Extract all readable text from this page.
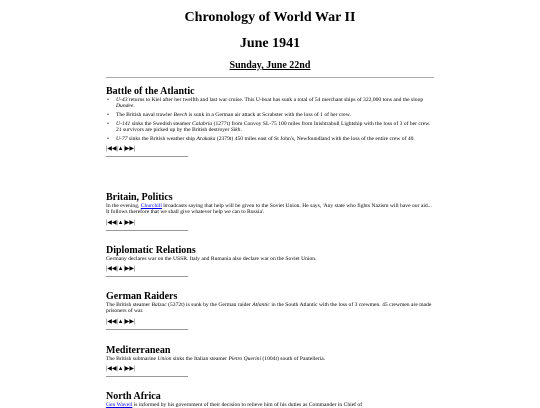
Chronology of World War II
June 1941
Sunday, June 22nd
Battle of the Atlantic
• U-43 returns to Kiel after her twelfth and last war cruise. This U-boat has sunk a total of 54 merchant ships of 322,000 tons and the sloop Dundee.
• The British naval trawler Beech is sunk in a German air attack at Scrabster with the loss of 1 of her crew.
• U-141 sinks the Swedish steamer Calabria (1277t) from Convoy SL-75 100 miles from Inishtrahull Lightship with the loss of 3 of her crew. 21 survivors are picked up by the British destroyer Sikh.
• U-77 sinks the British weather ship Arakaka (2379t) 450 miles east of St John's, Newfoundland with the loss of the entire crew of 40.
|◀◀|▲|▶▶|
Britain, Politics

In the evening, Churchill broadcasts saying that help will be given to the Soviet Union. He says, 'Any state who fights Nazism will have our aid... It follows therefore that we shall give whatever help we can to Russia'.

|◀◀|▲|▶▶|
Diplomatic Relations

Germany declares war on the USSR. Italy and Rumania also declare war on the Soviet Union.

|◀◀|▲|▶▶|
German Raiders

The British steamer Balzac (5372t) is sunk by the German raider Atlantic in the South Atlantic with the loss of 3 crewmen. 45 crewmen are made prisoners of war.

|◀◀|▲|▶▶|
Mediterranean

The British submarine Union sinks the Italian steamer Pietro Querini (1004t) south of Pantelleria.

|◀◀|▲|▶▶|
North Africa

Gen Wavell is informed by his government of their decision to relieve him of his duties as Commander in Chief of
